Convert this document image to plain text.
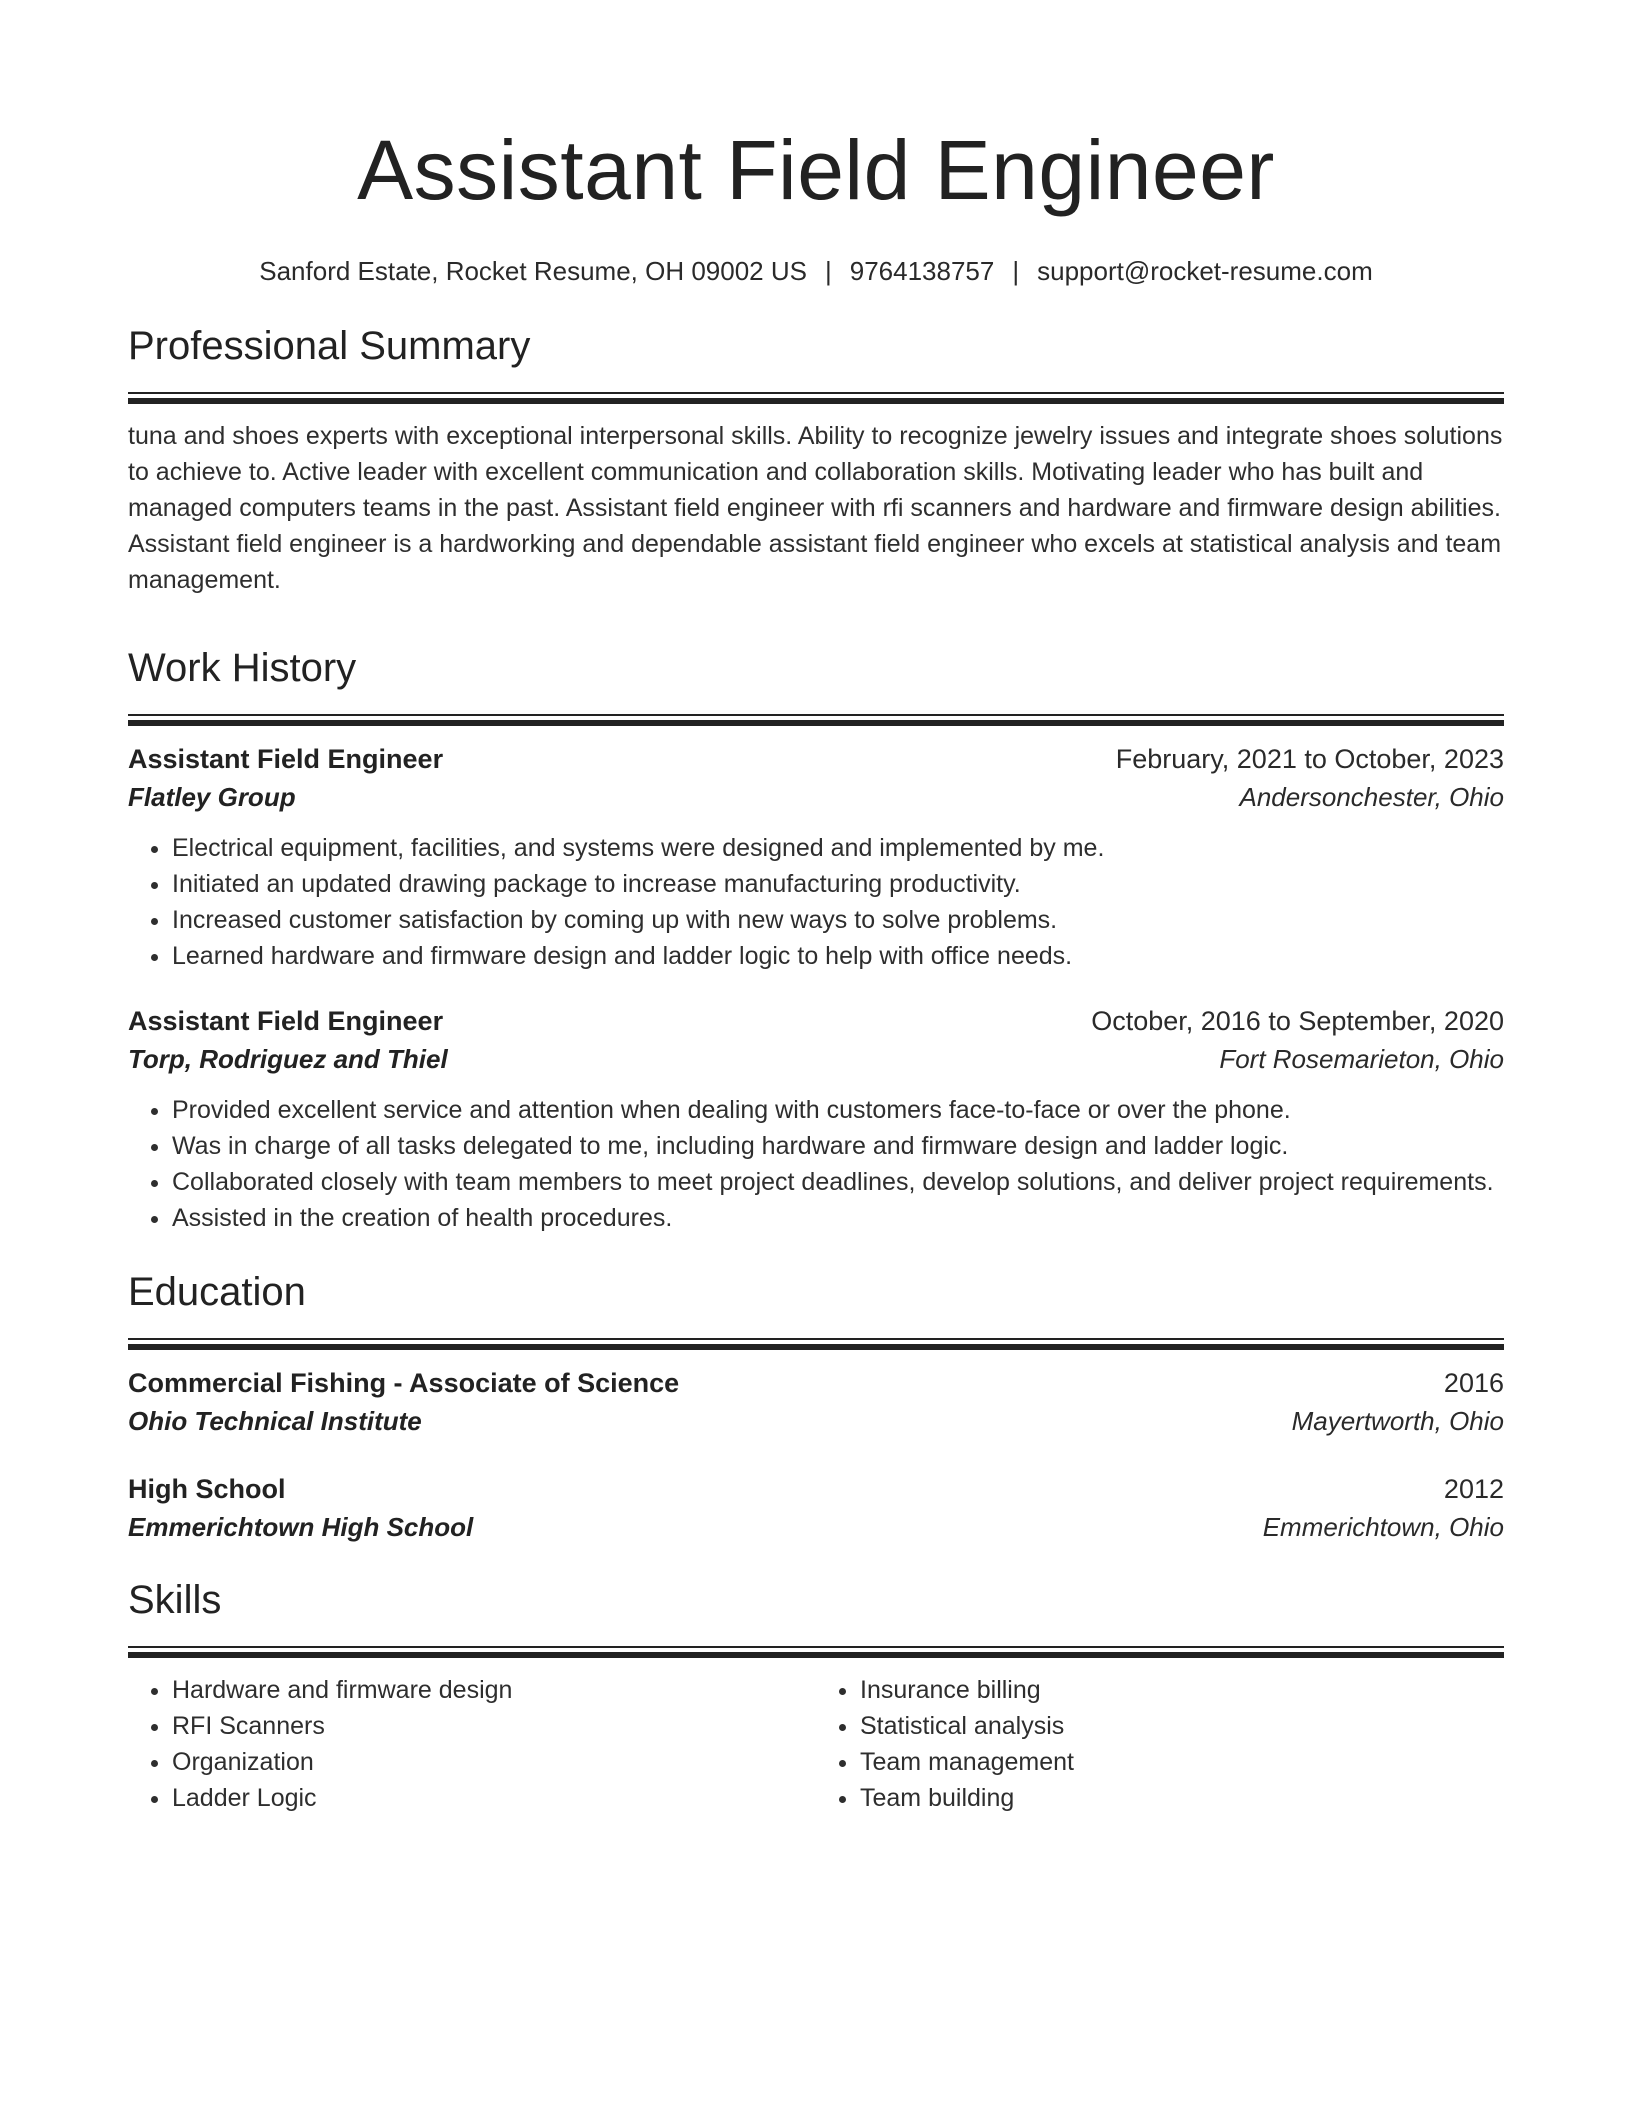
Assistant Field Engineer
Sanford Estate, Rocket Resume, OH 09002 US | 9764138757 | support@rocket-resume.com
Professional Summary
tuna and shoes experts with exceptional interpersonal skills. Ability to recognize jewelry issues and integrate shoes solutions to achieve to. Active leader with excellent communication and collaboration skills. Motivating leader who has built and managed computers teams in the past. Assistant field engineer with rfi scanners and hardware and firmware design abilities. Assistant field engineer is a hardworking and dependable assistant field engineer who excels at statistical analysis and team management.
Work History
Assistant Field Engineer	February, 2021 to October, 2023
Flatley Group	Andersonchester, Ohio
• Electrical equipment, facilities, and systems were designed and implemented by me.
• Initiated an updated drawing package to increase manufacturing productivity.
• Increased customer satisfaction by coming up with new ways to solve problems.
• Learned hardware and firmware design and ladder logic to help with office needs.
Assistant Field Engineer	October, 2016 to September, 2020
Torp, Rodriguez and Thiel	Fort Rosemarieton, Ohio
• Provided excellent service and attention when dealing with customers face-to-face or over the phone.
• Was in charge of all tasks delegated to me, including hardware and firmware design and ladder logic.
• Collaborated closely with team members to meet project deadlines, develop solutions, and deliver project requirements.
• Assisted in the creation of health procedures.
Education
Commercial Fishing - Associate of Science	2016
Ohio Technical Institute	Mayertworth, Ohio
High School	2012
Emmerichtown High School	Emmerichtown, Ohio
Skills
• Hardware and firmware design
• RFI Scanners
• Organization
• Ladder Logic
• Insurance billing
• Statistical analysis
• Team management
• Team building
